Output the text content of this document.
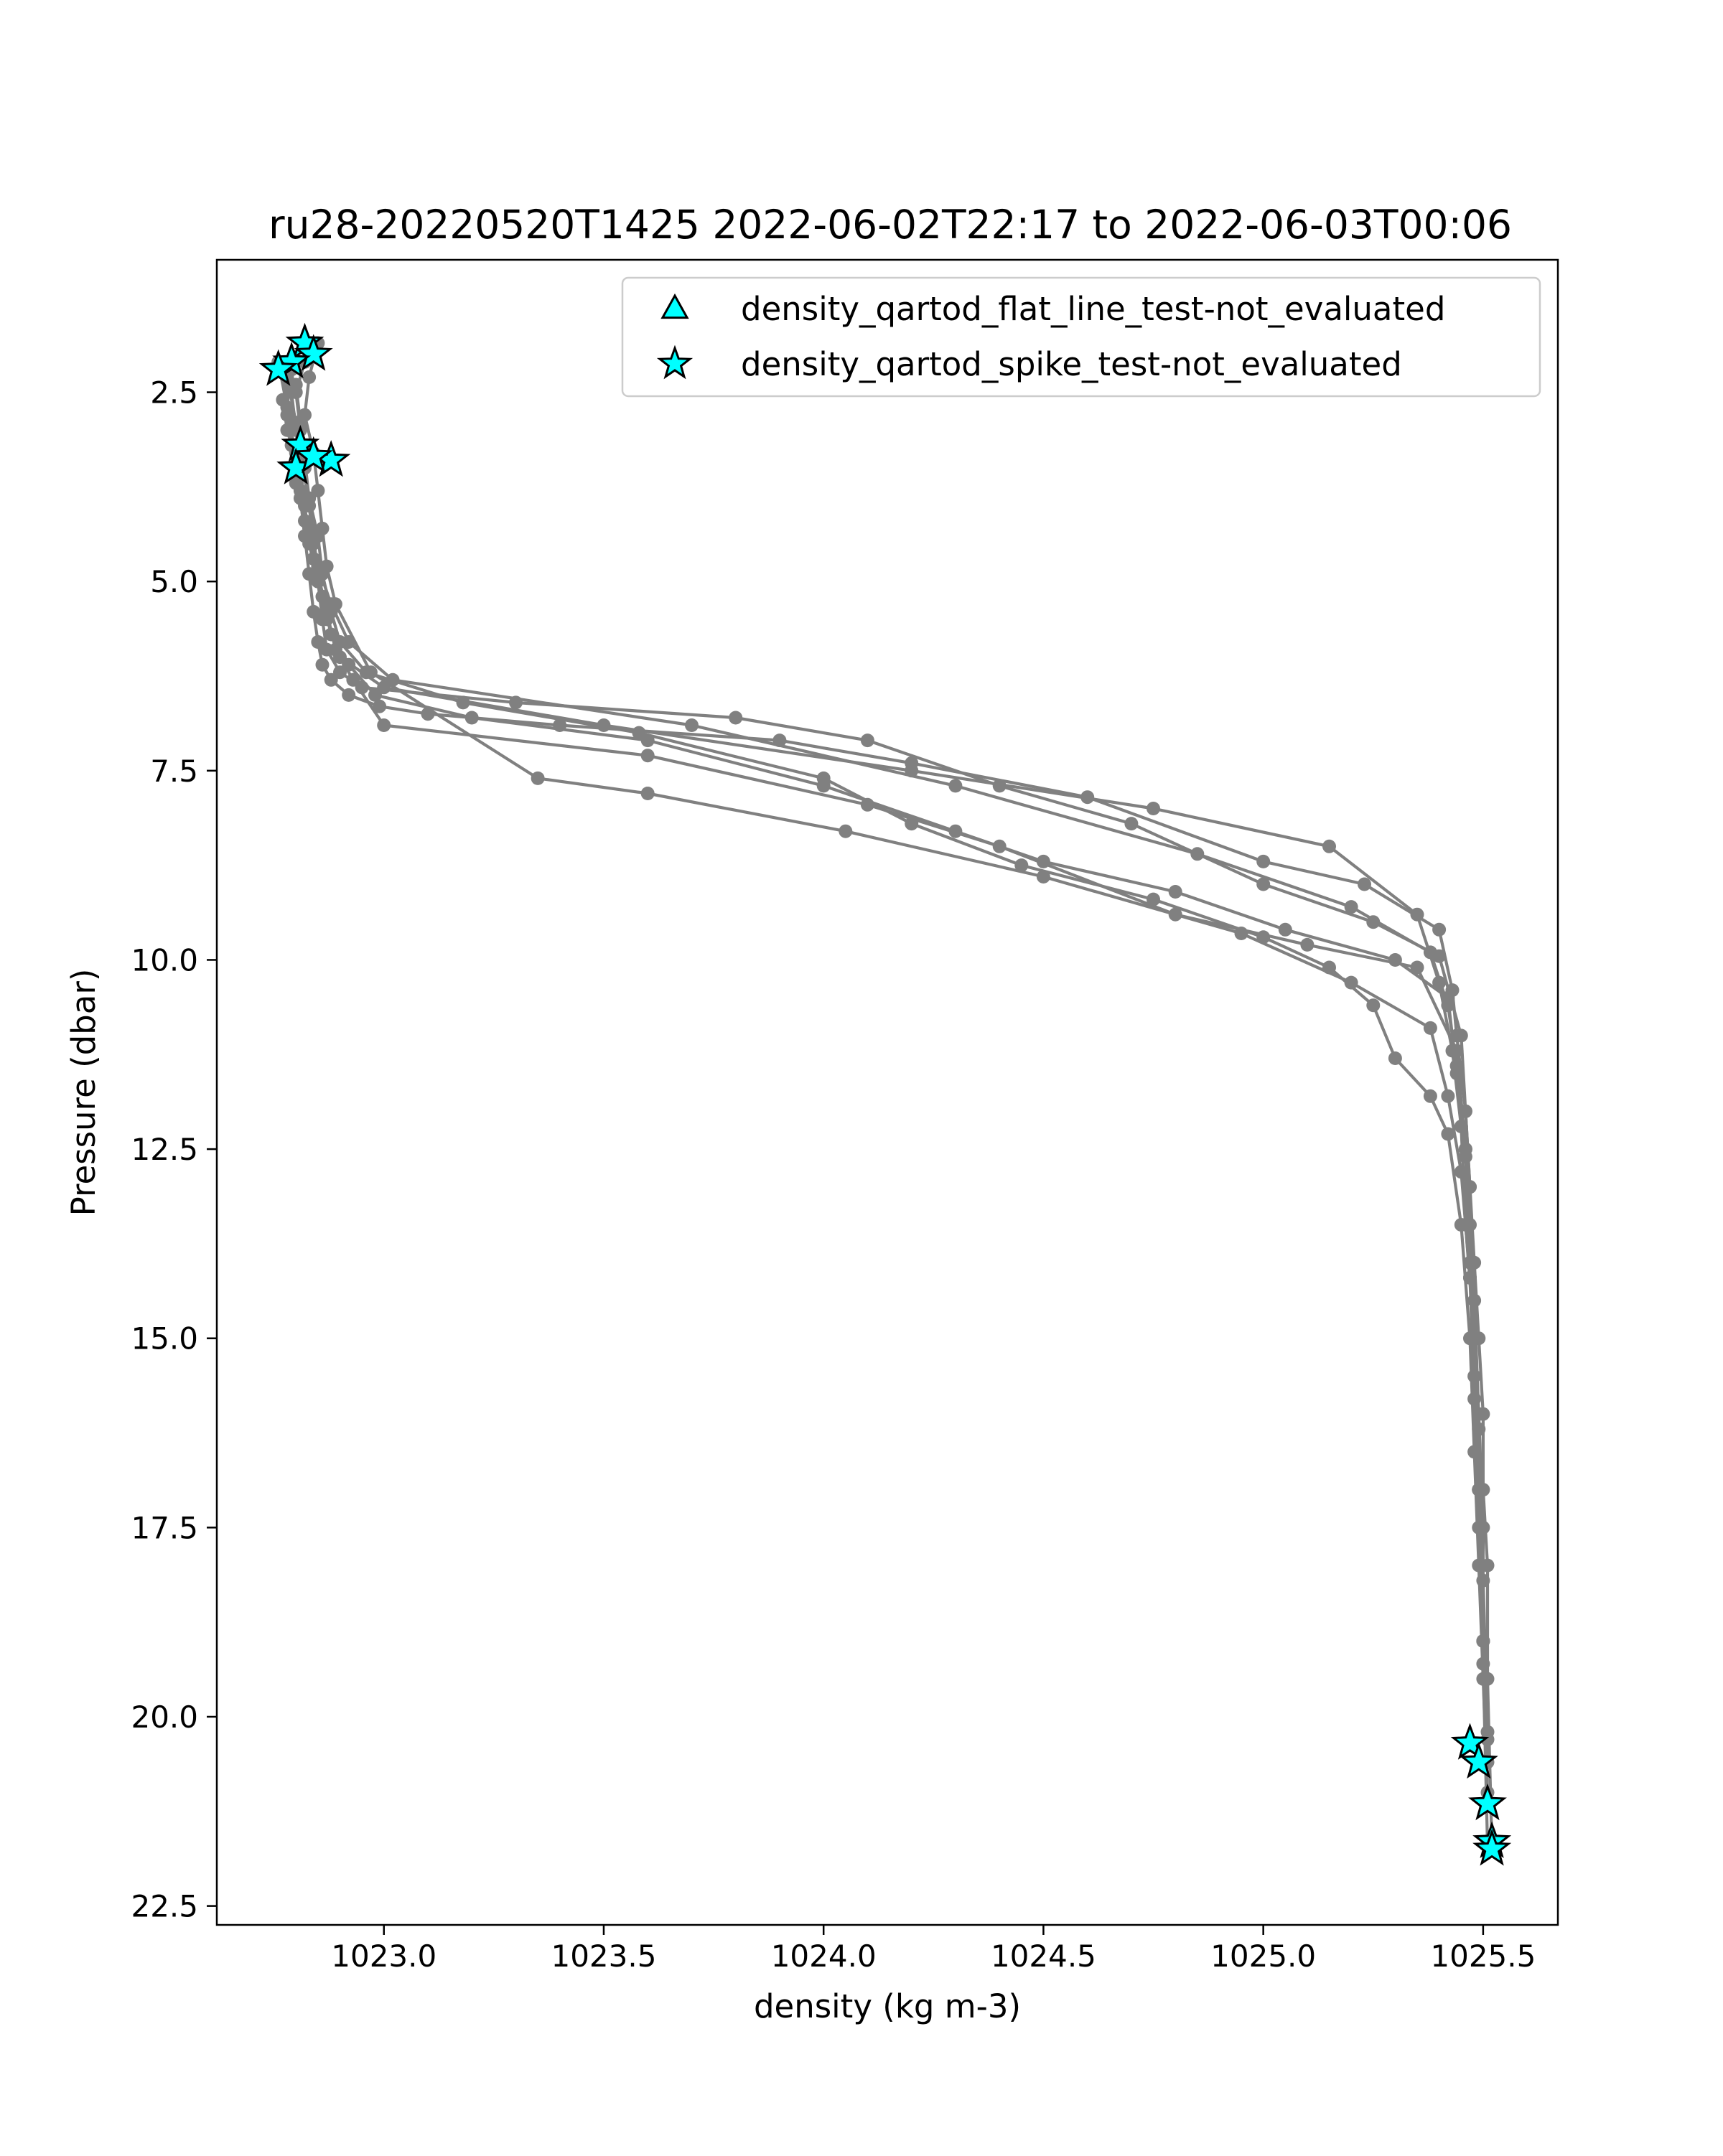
ru28-20220520T1425 2022-06-02T22:17 to 2022-06-03T00:06
1023.0	1023.5	1024.0	1024.5	1025.0	1025.5
2.5
5.0
7.5
10.0
12.5
15.0
17.5
20.0
22.5
density (kg m-3)
Pressure (dbar)
density_qartod_flat_line_test-not_evaluated
density_qartod_spike_test-not_evaluated
